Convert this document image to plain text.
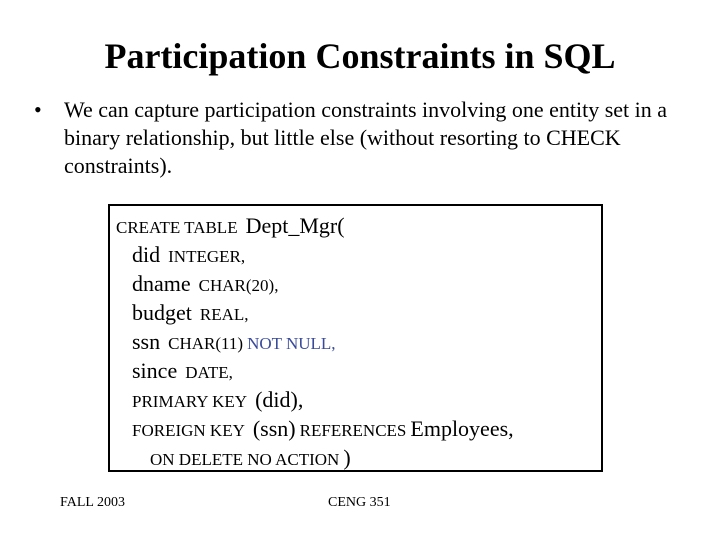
Participation Constraints in SQL
• We can capture participation constraints involving one entity set in a binary relationship, but little else (without resorting to CHECK constraints).
CREATE TABLE Dept_Mgr(
did INTEGER,
dname CHAR(20),
budget REAL,
ssn CHAR(11) NOT NULL,
since DATE,
PRIMARY KEY (did),
FOREIGN KEY (ssn) REFERENCES Employees,
ON DELETE NO ACTION )
FALL 2003	CENG 351
